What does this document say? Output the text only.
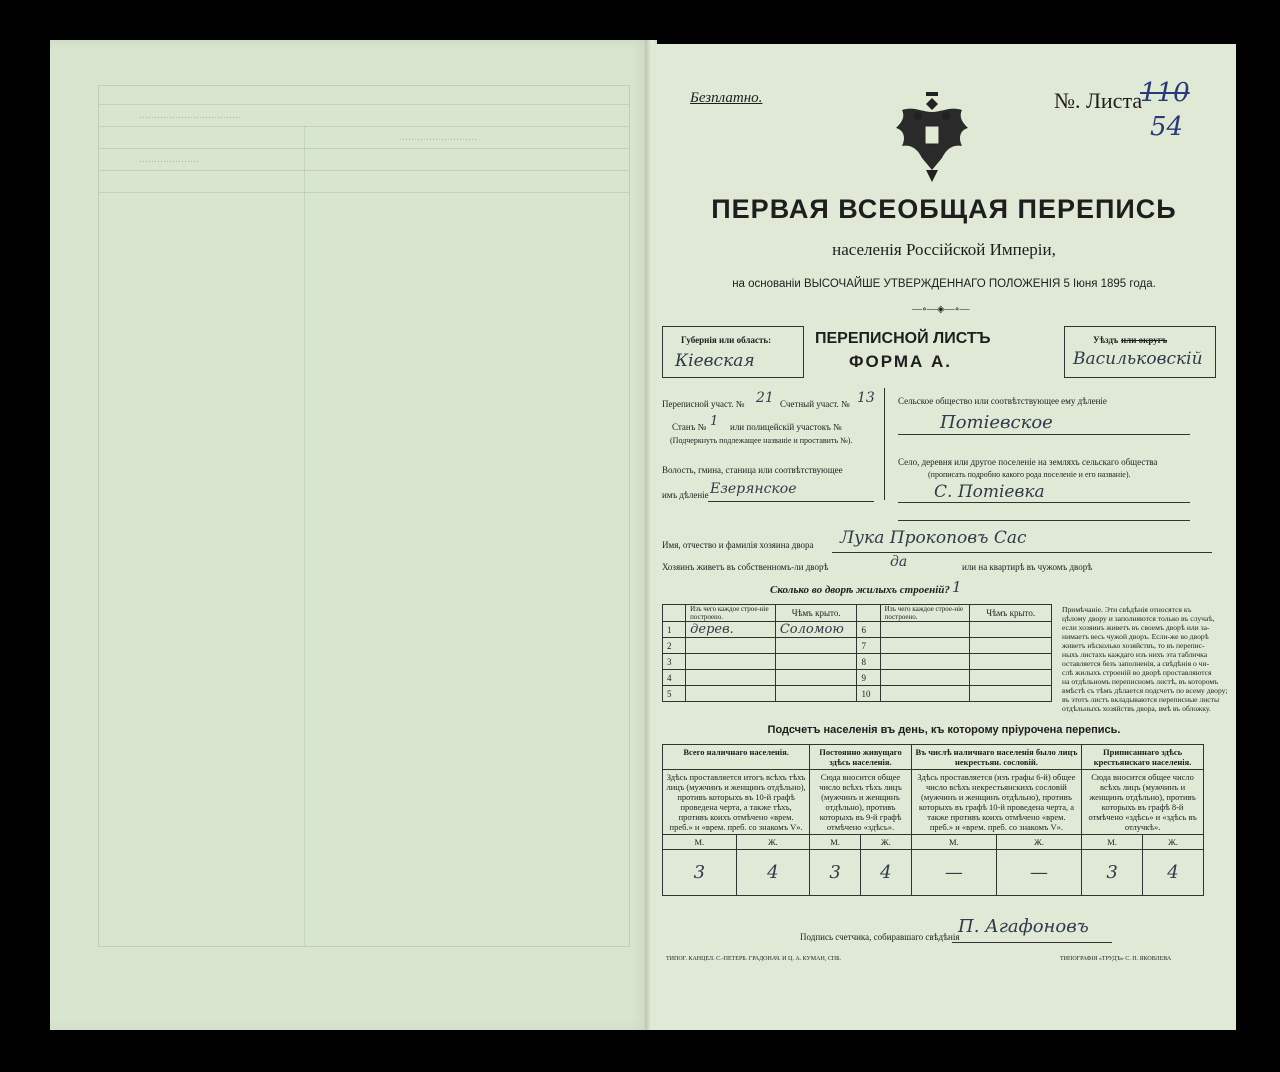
‥‥‥‥‥‥‥‥‥‥‥‥‥‥‥‥‥
‥‥‥‥‥‥‥‥‥‥
‥‥‥‥‥‥‥‥‥‥‥‥‥
Безплатно.	№. Листа
110
54
ПЕРВАЯ ВСЕОБЩАЯ ПЕРЕПИСЬ
населенія Россійской Имперіи,
на основаніи ВЫСОЧАЙШЕ УТВЕРЖДЕННАГО ПОЛОЖЕНІЯ 5 Іюня 1895 года.
—∘—◈—∘—
Губернія или область:
Кіевская
ПЕРЕПИСНОЙ ЛИСТЪ
ФОРМА А.
Уѣздъ или округъ
Васильковскій
Переписной участ. № 21 Счетный участ. № 13
Станъ № 1 или полицейскій участокъ №
(Подчеркнуть подлежащее названіе и проставить №).
Волость, гмина, станица или соотвѣтствующее
имъ дѣленіе Езерянское
Сельское общество или соотвѣтствующее ему дѣленіе
Потіевское
Село, деревня или другое поселеніе на земляхъ сельскаго общества
(прописать подробно какого рода поселеніе и его названіе).
С. Потіевка
Имя, отчество и фамилія хозяина двора Лука Прокоповъ Сас
Хозяинъ живетъ въ собственномъ-ли дворѣ	да	или на квартирѣ въ чужомъ дворѣ
Сколько во дворѣ жилыхъ строеній? 1
	Изъ чего каждое строе-ніе построено.	Чѣмъ крыто.		Изъ чего каждое строе-ніе построено.	Чѣмъ крыто.
1	дерев.	Соломою	6		
2			7		
3			8		
4			9		
5			10		
Примѣчаніе. Эти свѣдѣнія относятся къ
цѣлому двору и заполняются только въ случаѣ,
если хозяинъ живетъ въ своемъ дворѣ или за-
нимаетъ весь чужой дворъ. Если-же во дворѣ
живетъ нѣсколько хозяйствъ, то въ перепис-
ныхъ листахъ каждаго изъ нихъ эта табличка
оставляется безъ заполненія, а свѣдѣнія о чи-
слѣ жилыхъ строеній во дворѣ проставляются
на отдѣльномъ переписномъ листѣ, въ которомъ
вмѣстѣ съ тѣмъ дѣлается подсчетъ по всему двору;
въ этотъ листъ вкладываются переписные листы
отдѣльныхъ хозяйствъ двора, вмѣ въ обложку.
Подсчетъ населенія въ день, къ которому пріурочена перепись.
Всего наличнаго населенія.		Постоянно живущаго здѣсь населенія.		Въ числѣ наличнаго населенія было лицъ некрестьян. сословій.		Приписаннаго здѣсь крестьянскаго населенія.	
Здѣсь проставляется итогъ всѣхъ тѣхъ лицъ (мужчинъ и женщинъ отдѣльно), противъ которыхъ въ 10-й графѣ проведена черта, а также тѣхъ, противъ коихъ отмѣчено «врем. преб.» и «врем. преб. со знакомъ V».		Сюда вносится общее число всѣхъ тѣхъ лицъ (мужчинъ и женщинъ отдѣльно), противъ которыхъ въ 9-й графѣ отмѣчено «здѣсь».		Здѣсь проставляется (изъ графы 6-й) общее число всѣхъ некрестьянскихъ сословій (мужчинъ и женщинъ отдѣльно), противъ которыхъ въ графѣ 10-й проведена черта, а также противъ коихъ отмѣчено «врем. преб.» и «врем. преб. со знакомъ V».		Сюда вносится общее число всѣхъ лицъ (мужчинъ и женщинъ отдѣльно), противъ которыхъ въ графѣ 8-й отмѣчено «здѣсь» и «здѣсь въ отлучкѣ».	
М.	Ж.	М.	Ж.	М.	Ж.	М.	Ж.
3	4	3	4	—	—	3	4
Подпись счетчика, собиравшаго свѣдѣнія
П. Агафоновъ
ТИПОГ. КАНЦЕЛ. С.-ПЕТЕРБ. ГРАДОНАЧ. И Ц. А. КУМАН, СПБ.	ТИПОГРАФІЯ «ТРУДЪ» С. П. ЯКОВЛЕВА
